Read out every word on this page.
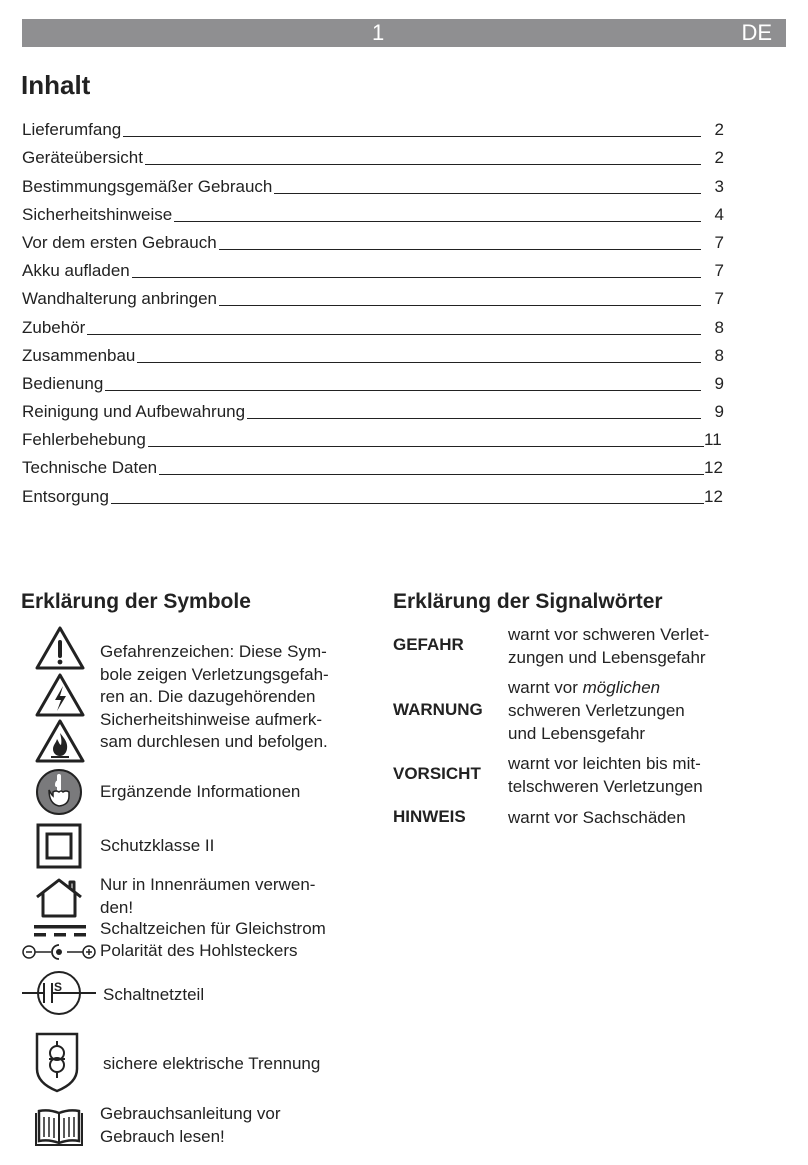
1	DE
Inhalt
Lieferumfang	2
Geräteübersicht	2
Bestimmungsgemäßer Gebrauch	3
Sicherheitshinweise	4
Vor dem ersten Gebrauch	7
Akku aufladen	7
Wandhalterung anbringen	7
Zubehör	8
Zusammenbau	8
Bedienung	9
Reinigung und Aufbewahrung	9
Fehlerbehebung	11
Technische Daten	12
Entsorgung	12
Erklärung der Symbole
Gefahrenzeichen: Diese Sym-
bole zeigen Verletzungsgefah-
ren an. Die dazugehörenden
Sicherheitshinweise aufmerk-
sam durchlesen und befolgen.
Ergänzende Informationen
Schutzklasse II
Nur in Innenräumen verwen-
den!
Schaltzeichen für Gleichstrom
Polarität des Hohlsteckers
S Schaltnetzteil
sichere elektrische Trennung
Gebrauchsanleitung vor
Gebrauch lesen!
Erklärung der Signalwörter
GEFAHR
warnt vor schweren Verlet-
zungen und Lebensgefahr
WARNUNG
warnt vor möglichen
schweren Verletzungen
und Lebensgefahr
VORSICHT
warnt vor leichten bis mit-
telschweren Verletzungen
HINWEIS warnt vor Sachschäden
